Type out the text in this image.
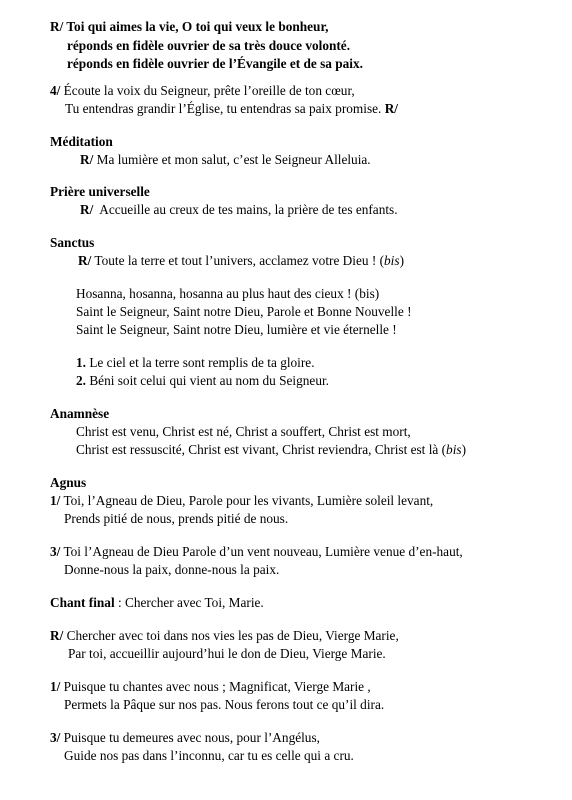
R/ Toi qui aimes la vie, O toi qui veux le bonheur,
réponds en fidèle ouvrier de sa très douce volonté.
réponds en fidèle ouvrier de l’Évangile et de sa paix.
4/ Écoute la voix du Seigneur, prête l’oreille de ton cœur,
Tu entendras grandir l’Église, tu entendras sa paix promise. R/
Méditation
R/ Ma lumière et mon salut, c’est le Seigneur Alleluia.
Prière universelle
R/ Accueille au creux de tes mains, la prière de tes enfants.
Sanctus
R/ Toute la terre et tout l’univers, acclamez votre Dieu ! (bis)
Hosanna, hosanna, hosanna au plus haut des cieux ! (bis)
Saint le Seigneur, Saint notre Dieu, Parole et Bonne Nouvelle !
Saint le Seigneur, Saint notre Dieu, lumière et vie éternelle !
1. Le ciel et la terre sont remplis de ta gloire.
2. Béni soit celui qui vient au nom du Seigneur.
Anamnèse
Christ est venu, Christ est né, Christ a souffert, Christ est mort,
Christ est ressuscité, Christ est vivant, Christ reviendra, Christ est là (bis)
Agnus
1/ Toi, l’Agneau de Dieu, Parole pour les vivants, Lumière soleil levant,
Prends pitié de nous, prends pitié de nous.
3/ Toi l’Agneau de Dieu Parole d’un vent nouveau, Lumière venue d’en-haut,
Donne-nous la paix, donne-nous la paix.
Chant final : Chercher avec Toi, Marie.
R/ Chercher avec toi dans nos vies les pas de Dieu, Vierge Marie,
Par toi, accueillir aujourd’hui le don de Dieu, Vierge Marie.
1/ Puisque tu chantes avec nous ; Magnificat, Vierge Marie ,
Permets la Pâque sur nos pas. Nous ferons tout ce qu’il dira.
3/ Puisque tu demeures avec nous, pour l’Angélus,
Guide nos pas dans l’inconnu, car tu es celle qui a cru.
